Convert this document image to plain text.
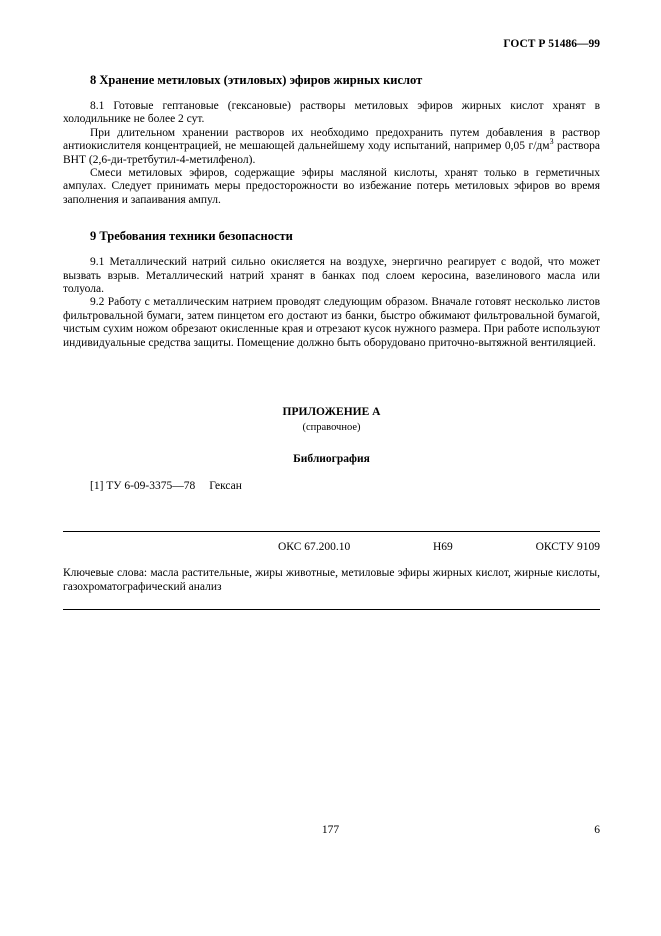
ГОСТ Р 51486—99
8 Хранение метиловых (этиловых) эфиров жирных кислот

8.1 Готовые гептановые (гексановые) растворы метиловых эфиров жирных кислот хранят в холодильнике не более 2 сут.

При длительном хранении растворов их необходимо предохранить путем добавления в раствор антиокислителя концентрацией, не мешающей дальнейшему ходу испытаний, например 0,05 $г/дм^3$ раствора ВНТ (2,6-ди-третбутил-4-метилфенол).

Смеси метиловых эфиров, содержащие эфиры масляной кислоты, хранят только в герметичных ампулах. Следует принимать меры предосторожности во избежание потерь метиловых эфиров во время заполнения и запаивания ампул.

9 Требования техники безопасности

9.1 Металлический натрий сильно окисляется на воздухе, энергично реагирует с водой, что может вызвать взрыв. Металлический натрий хранят в банках под слоем керосина, вазелинового масла или толуола.

9.2 Работу с металлическим натрием проводят следующим образом. Вначале готовят несколько листов фильтровальной бумаги, затем пинцетом его достают из банки, быстро обжимают фильтровальной бумагой, чистым сухим ножом обрезают окисленные края и отрезают кусок нужного размера. При работе используют индивидуальные средства защиты. Помещение должно быть оборудовано приточно-вытяжной вентиляцией.

ПРИЛОЖЕНИЕ А
(справочное)
Библиография
[1] ТУ 6-09-3375—78 Гексан
ОКС 67.200.10	Н69	ОКСТУ 9109

Ключевые слова: масла растительные, жиры животные, метиловые эфиры жирных кислот, жирные кислоты, газохроматографический анализ

177	6
